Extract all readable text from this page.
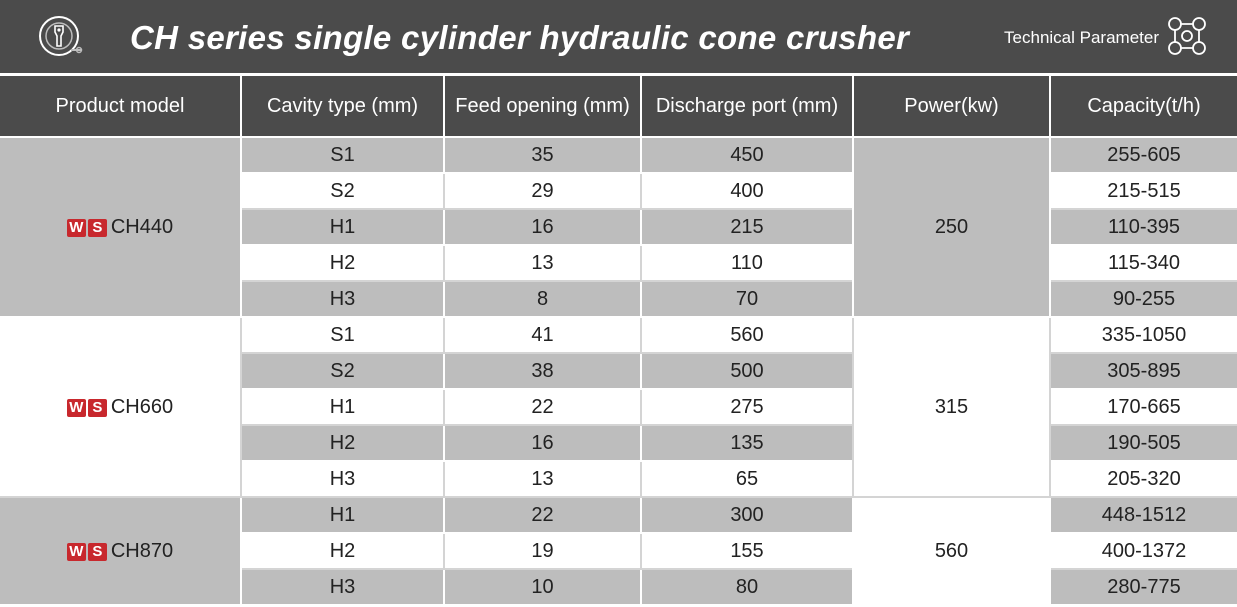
CH series single cylinder hydraulic cone crusher	Technical Parameter
Product model	Cavity type (mm)	Feed opening (mm)	Discharge port (mm)	Power(kw)	Capacity(t/h)

W S CH440	S1	35	450	250	255-605
	S2	29	400		215-515
	H1	16	215		110-395
	H2	13	110		115-340
	H3	8	70		90-255

W S CH660	S1	41	560	315	335-1050
	S2	38	500		305-895
	H1	22	275		170-665
	H2	16	135		190-505
	H3	13	65		205-320

W S CH870	H1	22	300	560	448-1512
	H2	19	155		400-1372
	H3	10	80		280-775
